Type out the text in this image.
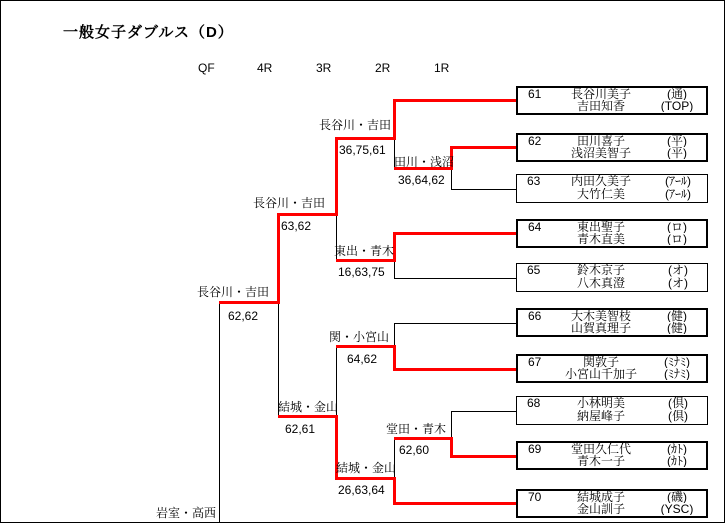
一般女子ダブルス（D）
QF	4R	3R	2R	1R
61	長谷川美子	(通)
吉田知香	(TOP)
62	田川喜子	(平)
浅沼美智子	(平)
63	内田久美子	(ｱｰﾙ)
大竹仁美	(ｱｰﾙ)
64	東出聖子	(ロ)
青木直美	(ロ)
65	鈴木京子	(オ)
八木真澄	(オ)
66	大木美智枝	(健)
山賀真理子	(健)
67	関敦子	(ﾐﾅﾐ)
小宮山千加子	(ﾐﾅﾐ)
68	小林明美	(倶)
納屋峰子	(倶)
69	堂田久仁代	(ｶﾄ)
青木一子	(ｶﾄ)
70	結城成子	(磯)
金山訓子	(YSC)
田川・浅沼
36,64,62
長谷川・吉田
36,75,61
東出・青木
16,63,75
長谷川・吉田
63,62
関・小宮山
64,62
堂田・青木
62,60
結城・金山
26,63,64
結城・金山
62,61
長谷川・吉田
62,62
岩室・高西
